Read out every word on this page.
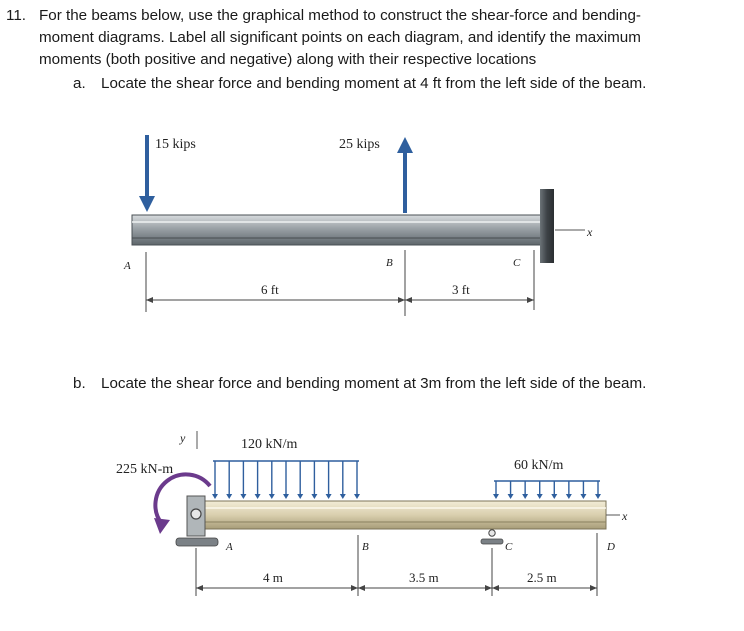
11. For the beams below, use the graphical method to construct the shear-force and bending-
moment diagrams. Label all significant points on each diagram, and identify the maximum
moments (both positive and negative) along with their respective locations
a. Locate the shear force and bending moment at 4 ft from the left side of the beam.
b. Locate the shear force and bending moment at 3m from the left side of the beam.
15 kips	25 kips
A	B	C
x
6 ft	3 ft
y	120 kN/m
225 kN-m	60 kN/m
x
A	B	C	D
4 m	3.5 m	2.5 m
